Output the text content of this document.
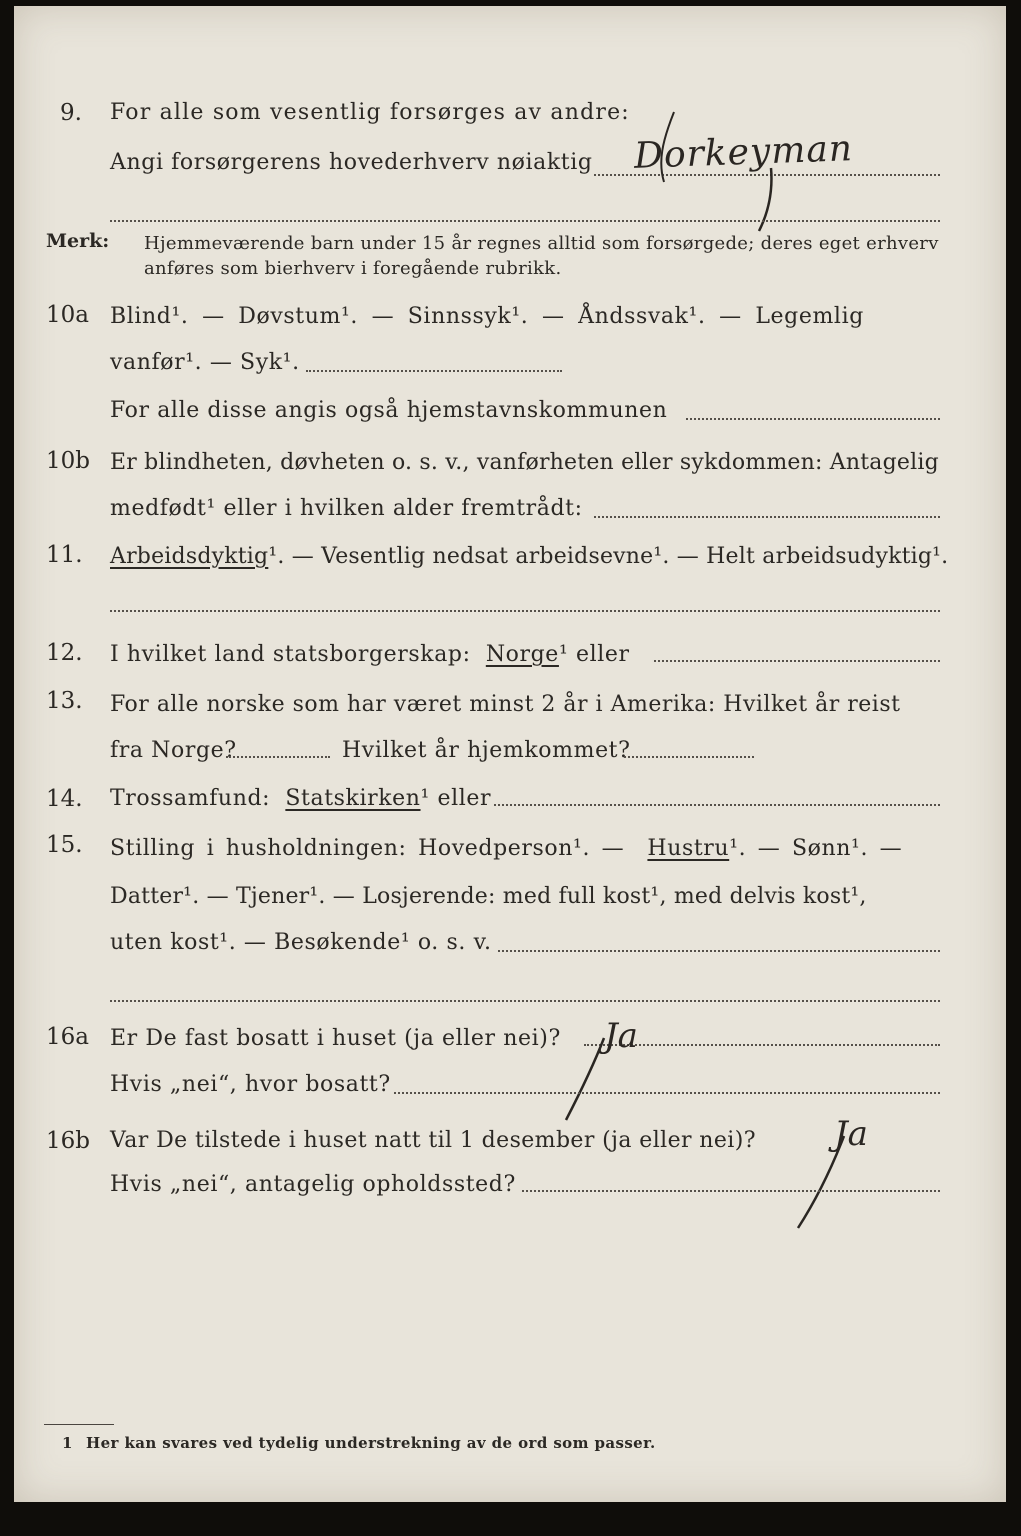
9. For alle som vesentlig forsørges av andre:
Angi forsørgerens hovederhverv nøiaktig Dorkeyman
Merk: Hjemmeværende barn under 15 år regnes alltid som forsørgede; deres eget erhverv
anføres som bierhverv i foregående rubrikk.
10a Blind¹. — Døvstum¹. — Sinnssyk¹. — Åndssvak¹. — Legemlig
vanfør¹. — Syk¹.
For alle disse angis også hjemstavnskommunen
10b Er blindheten, døvheten o. s. v., vanførheten eller sykdommen: Antagelig
medfødt¹ eller i hvilken alder fremtrådt:
11. Arbeidsdyktig¹. — Vesentlig nedsat arbeidsevne¹. — Helt arbeidsudyktig¹.
12. I hvilket land statsborgerskap: Norge¹ eller
13. For alle norske som har været minst 2 år i Amerika: Hvilket år reist
fra Norge?	Hvilket år hjemkommet?
14. Trossamfund: Statskirken¹ eller
15. Stilling i husholdningen: Hovedperson¹. — Hustru¹. — Sønn¹. —
Datter¹. — Tjener¹. — Losjerende: med full kost¹, med delvis kost¹,
uten kost¹. — Besøkende¹ o. s. v.
16a Er De fast bosatt i huset (ja eller nei)? Ja
Hvis „nei“, hvor bosatt?
16b Var De tilstede i huset natt til 1 desember (ja eller nei)? Ja
Hvis „nei“, antagelig opholdssted?
1 Her kan svares ved tydelig understrekning av de ord som passer.
